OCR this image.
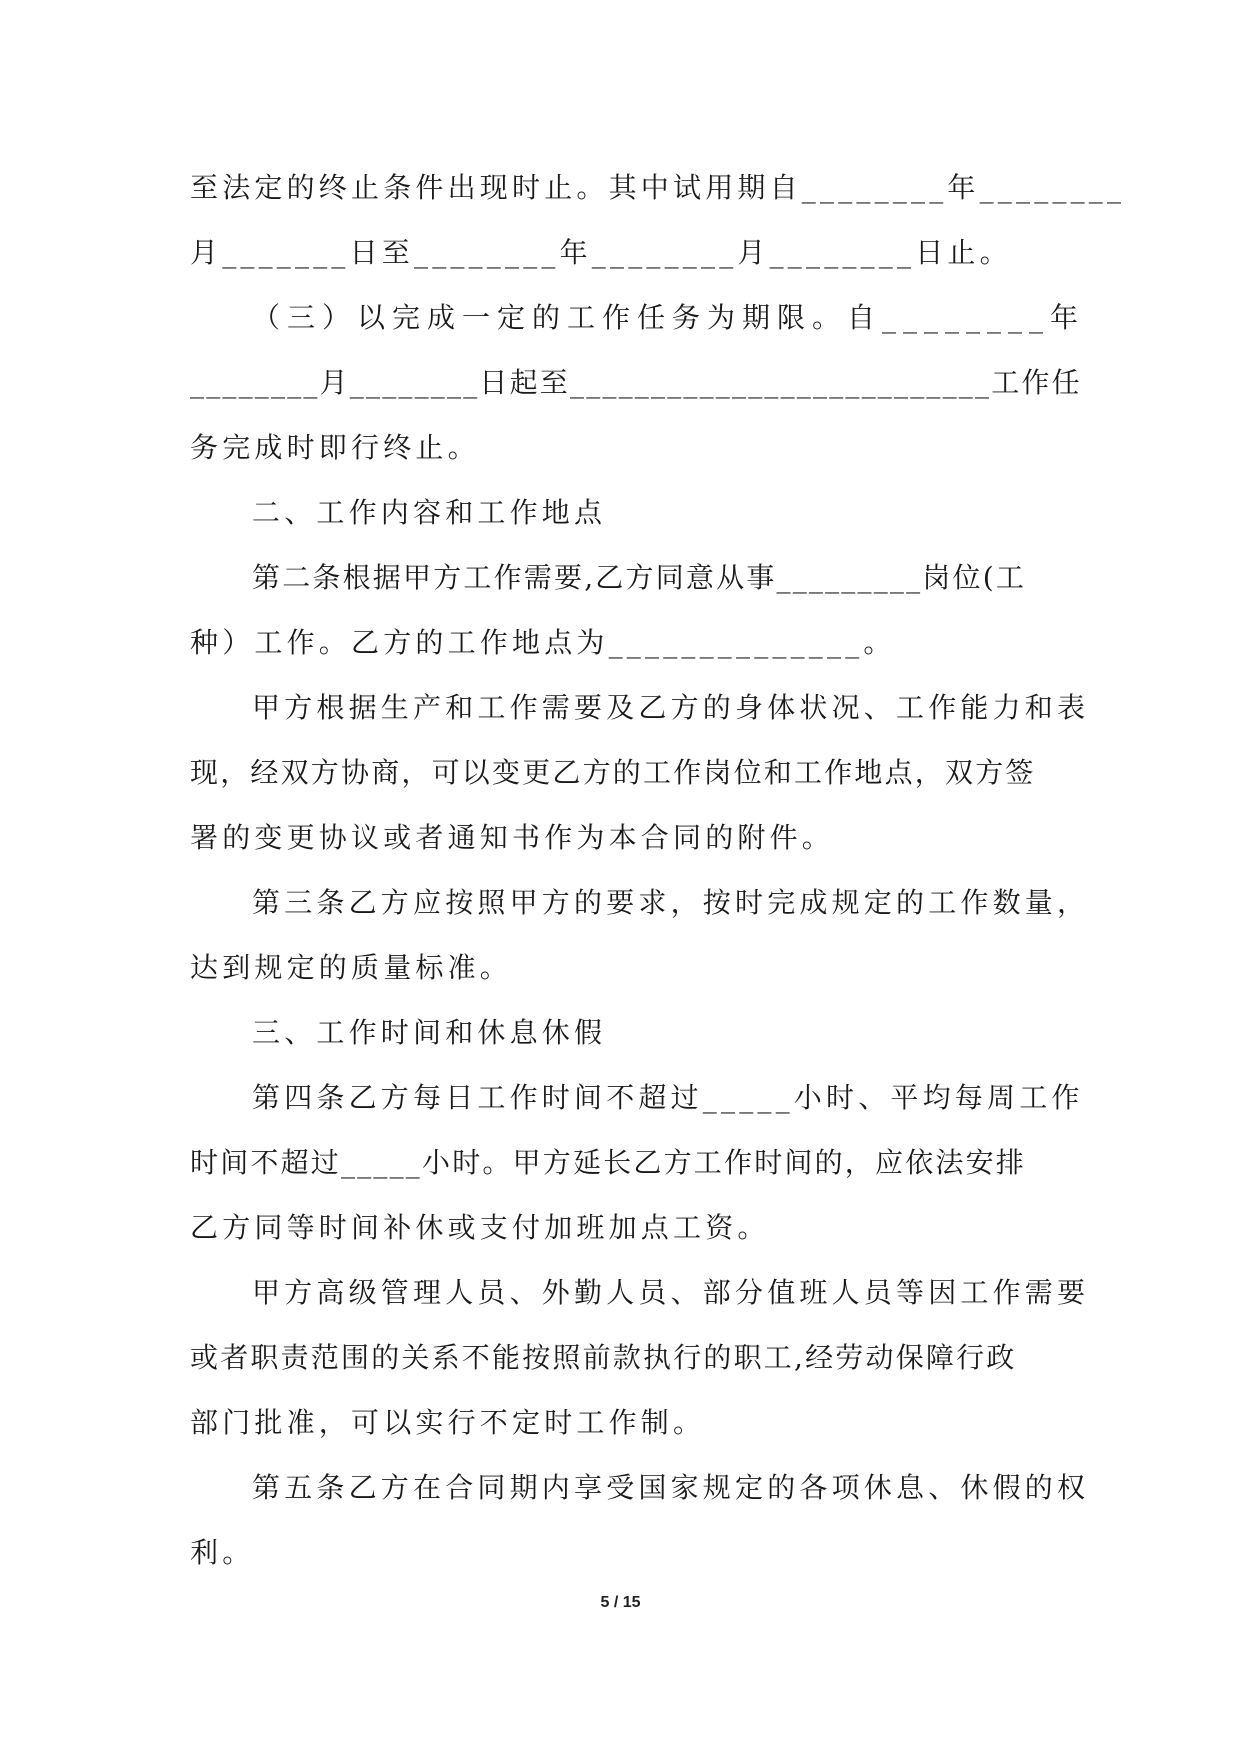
至法定的终止条件出现时止。其中试用期自________年________
月_______日至________年________月________日止。
（三）以完成一定的工作任务为期限。自________年
________月________日起至__________________________工作任
务完成时即行终止。
二、工作内容和工作地点
第二条根据甲方工作需要,乙方同意从事_________岗位(工
种）工作。乙方的工作地点为______________。
甲方根据生产和工作需要及乙方的身体状况、工作能力和表
现，经双方协商，可以变更乙方的工作岗位和工作地点，双方签
署的变更协议或者通知书作为本合同的附件。
第三条乙方应按照甲方的要求，按时完成规定的工作数量，
达到规定的质量标准。
三、工作时间和休息休假
第四条乙方每日工作时间不超过_____小时、平均每周工作
时间不超过_____小时。甲方延长乙方工作时间的，应依法安排
乙方同等时间补休或支付加班加点工资。
甲方高级管理人员、外勤人员、部分值班人员等因工作需要
或者职责范围的关系不能按照前款执行的职工,经劳动保障行政
部门批准，可以实行不定时工作制。
第五条乙方在合同期内享受国家规定的各项休息、休假的权
利。
5 / 15
